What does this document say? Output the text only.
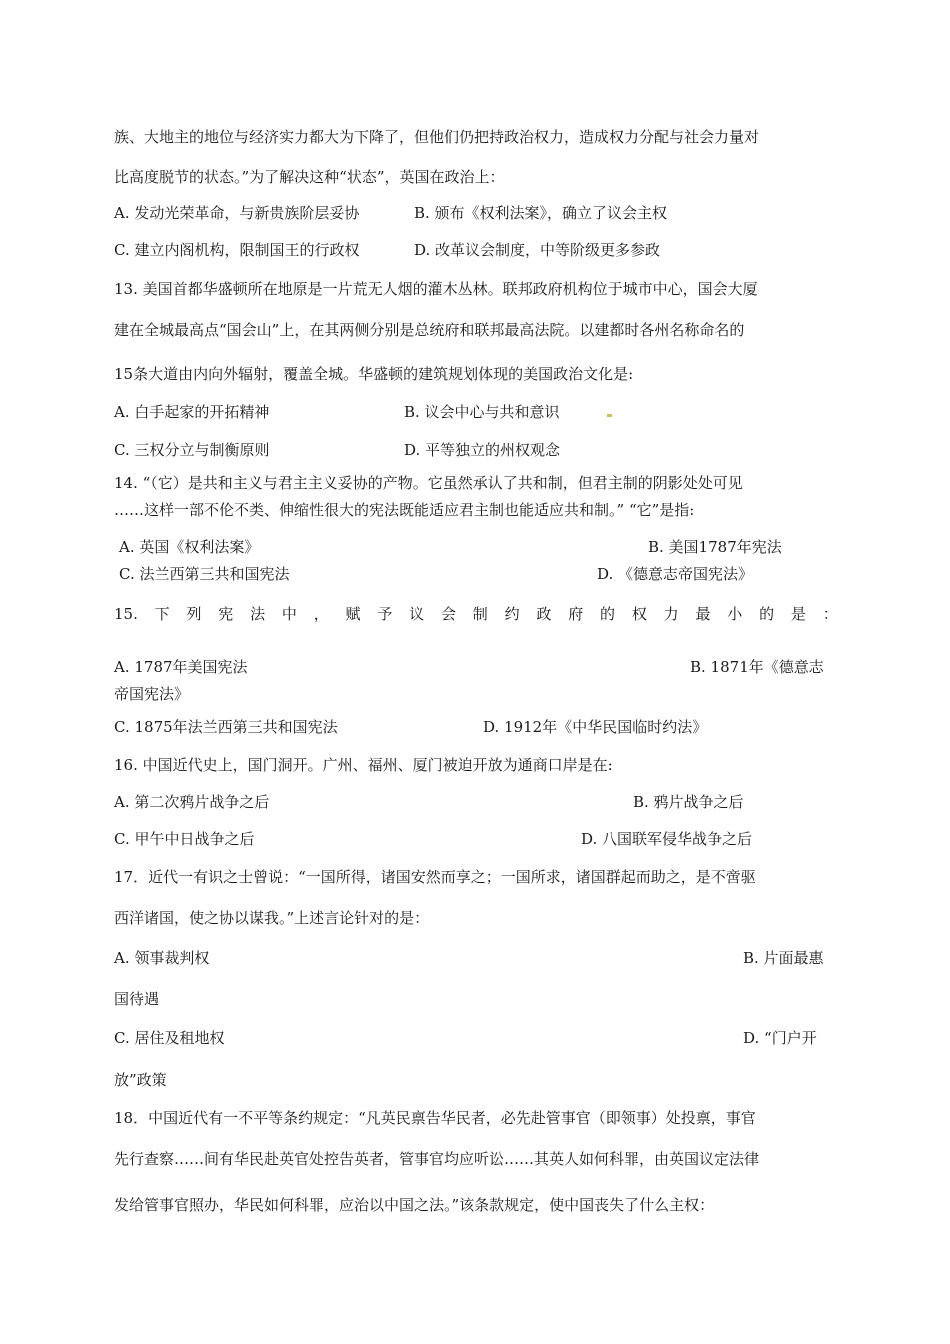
族、大地主的地位与经济实力都大为下降了，但他们仍把持政治权力，造成权力分配与社会力量对
比高度脱节的状态。”为了解决这种“状态”，英国在政治上：
A. 发动光荣革命，与新贵族阶层妥协	B. 颁布《权利法案》，确立了议会主权
C. 建立内阁机构，限制国王的行政权	D. 改革议会制度，中等阶级更多参政
13. 美国首都华盛顿所在地原是一片荒无人烟的灌木丛林。联邦政府机构位于城市中心，国会大厦
建在全城最高点“国会山”上，在其两侧分别是总统府和联邦最高法院。以建都时各州名称命名的
15条大道由内向外辐射，覆盖全城。华盛顿的建筑规划体现的美国政治文化是:
A. 白手起家的开拓精神	B. 议会中心与共和意识
C. 三权分立与制衡原则	D. 平等独立的州权观念
14. “（它）是共和主义与君主主义妥协的产物。它虽然承认了共和制，但君主制的阴影处处可见
……这样一部不伦不类、伸缩性很大的宪法既能适应君主制也能适应共和制。” “它”是指:
A. 英国《权利法案》	B. 美国1787年宪法
C. 法兰西第三共和国宪法	D. 《德意志帝国宪法》
15. 下 列 宪 法 中 ， 赋 予 议 会 制 约 政 府 的 权 力 最 小 的 是 ：
A. 1787年美国宪法	B. 1871年《德意志
帝国宪法》
C. 1875年法兰西第三共和国宪法	D. 1912年《中华民国临时约法》
16. 中国近代史上，国门洞开。广州、福州、厦门被迫开放为通商口岸是在:
A. 第二次鸦片战争之后	B. 鸦片战争之后
C. 甲午中日战争之后	D. 八国联军侵华战争之后
17．近代一有识之士曾说：“一国所得，诸国安然而享之；一国所求，诸国群起而助之，是不啻驱
西洋诸国，使之协以谋我。”上述言论针对的是：
A. 领事裁判权	B. 片面最惠
国待遇
C. 居住及租地权	D. “门户开
放”政策
18．中国近代有一不平等条约规定：“凡英民禀告华民者，必先赴管事官（即领事）处投禀，事官
先行查察……间有华民赴英官处控告英者，管事官均应听讼……其英人如何科罪，由英国议定法律
发给管事官照办，华民如何科罪，应治以中国之法。”该条款规定，使中国丧失了什么主权：
